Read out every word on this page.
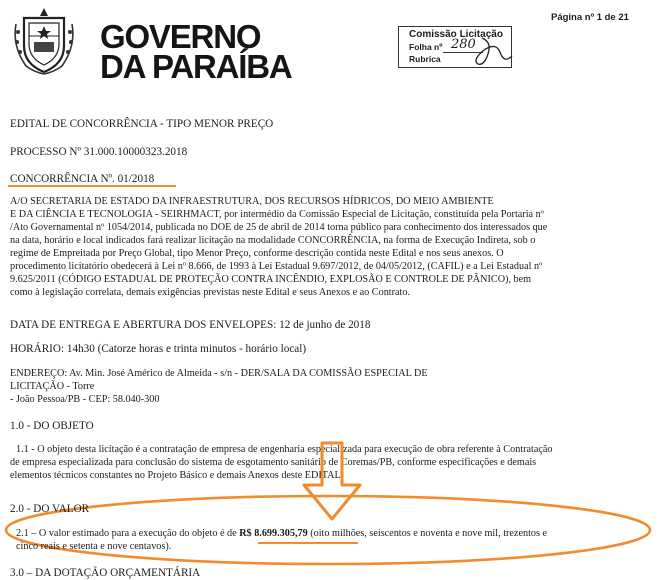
GOVERNO
DA PARAÍBA
Página nº 1 de 21
Comissão Licitação
Folha nº 280
Rubrica
EDITAL DE CONCORRÊNCIA - TIPO MENOR PREÇO
PROCESSO Nº 31.000.10000323.2018
CONCORRÊNCIA Nº. 01/2018
A/O SECRETARIA DE ESTADO DA INFRAESTRUTURA, DOS RECURSOS HÍDRICOS, DO MEIO AMBIENTE
E DA CIÊNCIA E TECNOLOGIA - SEIRHMACT, por intermédio da Comissão Especial de Licitação, constituída pela Portaria nº
/Ato Governamental nº 1054/2014, publicada no DOE de 25 de abril de 2014 torna público para conhecimento dos interessados que
na data, horário e local indicados fará realizar licitação na modalidade CONCORRÊNCIA, na forma de Execução Indireta, sob o
regime de Empreitada por Preço Global, tipo Menor Preço, conforme descrição contida neste Edital e nos seus anexos. O
procedimento licitatório obedecerá à Lei nº 8.666, de 1993 à Lei Estadual 9.697/2012, de 04/05/2012, (CAFIL) e a Lei Estadual nº
9.625/2011 (CÓDIGO ESTADUAL DE PROTEÇÃO CONTRA INCÊNDIO, EXPLOSÃO E CONTROLE DE PÂNICO), bem
como à legislação correlata, demais exigências previstas neste Edital e seus Anexos e ao Contrato.
DATA DE ENTREGA E ABERTURA DOS ENVELOPES: 12 de junho de 2018
HORÁRIO: 14h30 (Catorze horas e trinta minutos - horário local)
ENDEREÇO: Av. Min. José Américo de Almeida - s/n - DER/SALA DA COMISSÃO ESPECIAL DE
LICITAÇÃO - Torre
- João Pessoa/PB - CEP: 58.040-300
1.0 - DO OBJETO
1.1 - O objeto desta licitação é a contratação de empresa de engenharia especializada para execução de obra referente à Contratação
de empresa especializada para conclusão do sistema de esgotamento sanitário de Coremas/PB, conforme especificações e demais
elementos técnicos constantes no Projeto Básico e demais Anexos deste EDITAL.
2.0 - DO VALOR
2.1 – O valor estimado para a execução do objeto é de R$ 8.699.305,79 (oito milhões, seiscentos e noventa e nove mil, trezentos e
cinco reais e setenta e nove centavos).
3.0 – DA DOTAÇÃO ORÇAMENTÁRIA
